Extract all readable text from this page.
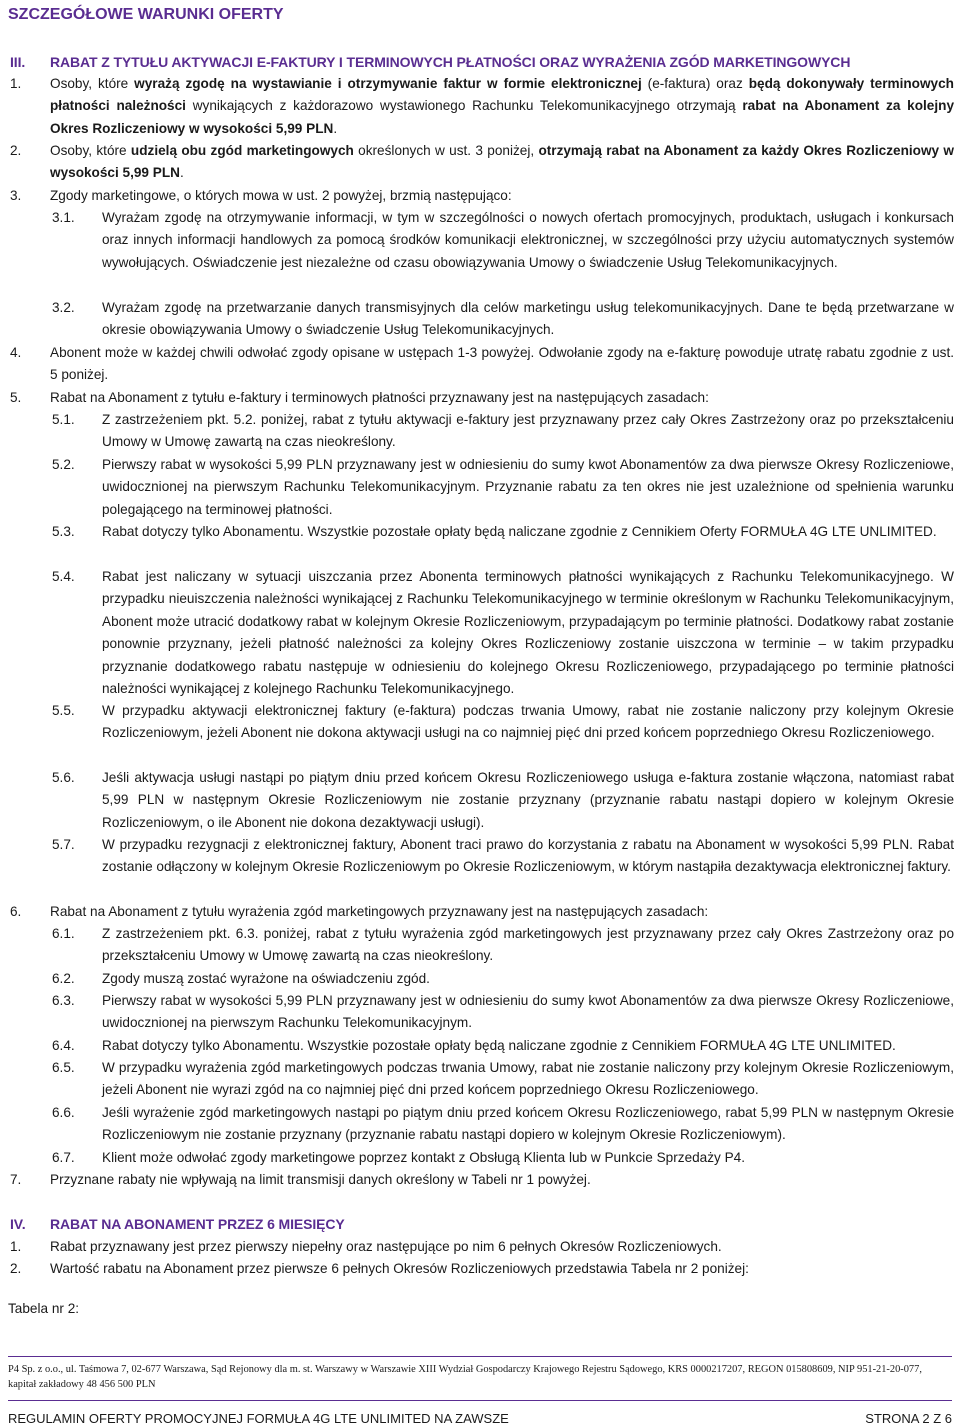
SZCZEGÓŁOWE WARUNKI OFERTY
III. RABAT Z TYTUŁU AKTYWACJI E-FAKTURY I TERMINOWYCH PŁATNOŚCI ORAZ WYRAŻENIA ZGÓD MARKETINGOWYCH
1. Osoby, które wyrażą zgodę na wystawianie i otrzymywanie faktur w formie elektronicznej (e-faktura) oraz będą dokonywały terminowych płatności należności wynikających z każdorazowo wystawionego Rachunku Telekomunikacyjnego otrzymają rabat na Abonament za kolejny Okres Rozliczeniowy w wysokości 5,99 PLN.
2. Osoby, które udzielą obu zgód marketingowych określonych w ust. 3 poniżej, otrzymają rabat na Abonament za każdy Okres Rozliczeniowy w wysokości 5,99 PLN.
3. Zgody marketingowe, o których mowa w ust. 2 powyżej, brzmią następująco:
3.1. Wyrażam zgodę na otrzymywanie informacji, w tym w szczególności o nowych ofertach promocyjnych, produktach, usługach i konkursach oraz innych informacji handlowych za pomocą środków komunikacji elektronicznej, w szczególności przy użyciu automatycznych systemów wywołujących. Oświadczenie jest niezależne od czasu obowiązywania Umowy o świadczenie Usług Telekomunikacyjnych.
3.2. Wyrażam zgodę na przetwarzanie danych transmisyjnych dla celów marketingu usług telekomunikacyjnych. Dane te będą przetwarzane w okresie obowiązywania Umowy o świadczenie Usług Telekomunikacyjnych.
4. Abonent może w każdej chwili odwołać zgody opisane w ustępach 1-3 powyżej. Odwołanie zgody na e-fakturę powoduje utratę rabatu zgodnie z ust. 5 poniżej.
5. Rabat na Abonament z tytułu e-faktury i terminowych płatności przyznawany jest na następujących zasadach:
5.1. Z zastrzeżeniem pkt. 5.2. poniżej, rabat z tytułu aktywacji e-faktury jest przyznawany przez cały Okres Zastrzeżony oraz po przekształceniu Umowy w Umowę zawartą na czas nieokreślony.
5.2. Pierwszy rabat w wysokości 5,99 PLN przyznawany jest w odniesieniu do sumy kwot Abonamentów za dwa pierwsze Okresy Rozliczeniowe, uwidocznionej na pierwszym Rachunku Telekomunikacyjnym. Przyznanie rabatu za ten okres nie jest uzależnione od spełnienia warunku polegającego na terminowej płatności.
5.3. Rabat dotyczy tylko Abonamentu. Wszystkie pozostałe opłaty będą naliczane zgodnie z Cennikiem Oferty FORMUŁA 4G LTE UNLIMITED.
5.4. Rabat jest naliczany w sytuacji uiszczania przez Abonenta terminowych płatności wynikających z Rachunku Telekomunikacyjnego. W przypadku nieuiszczenia należności wynikającej z Rachunku Telekomunikacyjnego w terminie określonym w Rachunku Telekomunikacyjnym, Abonent może utracić dodatkowy rabat w kolejnym Okresie Rozliczeniowym, przypadającym po terminie płatności. Dodatkowy rabat zostanie ponownie przyznany, jeżeli płatność należności za kolejny Okres Rozliczeniowy zostanie uiszczona w terminie – w takim przypadku przyznanie dodatkowego rabatu następuje w odniesieniu do kolejnego Okresu Rozliczeniowego, przypadającego po terminie płatności należności wynikającej z kolejnego Rachunku Telekomunikacyjnego.
5.5. W przypadku aktywacji elektronicznej faktury (e-faktura) podczas trwania Umowy, rabat nie zostanie naliczony przy kolejnym Okresie Rozliczeniowym, jeżeli Abonent nie dokona aktywacji usługi na co najmniej pięć dni przed końcem poprzedniego Okresu Rozliczeniowego.
5.6. Jeśli aktywacja usługi nastąpi po piątym dniu przed końcem Okresu Rozliczeniowego usługa e-faktura zostanie włączona, natomiast rabat 5,99 PLN w następnym Okresie Rozliczeniowym nie zostanie przyznany (przyznanie rabatu nastąpi dopiero w kolejnym Okresie Rozliczeniowym, o ile Abonent nie dokona dezaktywacji usługi).
5.7. W przypadku rezygnacji z elektronicznej faktury, Abonent traci prawo do korzystania z rabatu na Abonament w wysokości 5,99 PLN. Rabat zostanie odłączony w kolejnym Okresie Rozliczeniowym po Okresie Rozliczeniowym, w którym nastąpiła dezaktywacja elektronicznej faktury.
6. Rabat na Abonament z tytułu wyrażenia zgód marketingowych przyznawany jest na następujących zasadach:
6.1. Z zastrzeżeniem pkt. 6.3. poniżej, rabat z tytułu wyrażenia zgód marketingowych jest przyznawany przez cały Okres Zastrzeżony oraz po przekształceniu Umowy w Umowę zawartą na czas nieokreślony.
6.2. Zgody muszą zostać wyrażone na oświadczeniu zgód.
6.3. Pierwszy rabat w wysokości 5,99 PLN przyznawany jest w odniesieniu do sumy kwot Abonamentów za dwa pierwsze Okresy Rozliczeniowe, uwidocznionej na pierwszym Rachunku Telekomunikacyjnym.
6.4. Rabat dotyczy tylko Abonamentu. Wszystkie pozostałe opłaty będą naliczane zgodnie z Cennikiem FORMUŁA 4G LTE UNLIMITED.
6.5. W przypadku wyrażenia zgód marketingowych podczas trwania Umowy, rabat nie zostanie naliczony przy kolejnym Okresie Rozliczeniowym, jeżeli Abonent nie wyrazi zgód na co najmniej pięć dni przed końcem poprzedniego Okresu Rozliczeniowego.
6.6. Jeśli wyrażenie zgód marketingowych nastąpi po piątym dniu przed końcem Okresu Rozliczeniowego, rabat 5,99 PLN w następnym Okresie Rozliczeniowym nie zostanie przyznany (przyznanie rabatu nastąpi dopiero w kolejnym Okresie Rozliczeniowym).
6.7. Klient może odwołać zgody marketingowe poprzez kontakt z Obsługą Klienta lub w Punkcie Sprzedaży P4.
7. Przyznane rabaty nie wpływają na limit transmisji danych określony w Tabeli nr 1 powyżej.
IV. RABAT NA ABONAMENT PRZEZ 6 MIESIĘCY
1. Rabat przyznawany jest przez pierwszy niepełny oraz następujące po nim 6 pełnych Okresów Rozliczeniowych.
2. Wartość rabatu na Abonament przez pierwsze 6 pełnych Okresów Rozliczeniowych przedstawia Tabela nr 2 poniżej:
Tabela nr 2:
P4 Sp. z o.o., ul. Taśmowa 7, 02-677 Warszawa, Sąd Rejonowy dla m. st. Warszawy w Warszawie XIII Wydział Gospodarczy Krajowego Rejestru Sądowego, KRS 0000217207, REGON 015808609, NIP 951-21-20-077, kapitał zakładowy 48 456 500 PLN
REGULAMIN OFERTY PROMOCYJNEJ FORMUŁA 4G LTE UNLIMITED NA ZAWSZE	STRONA 2 Z 6
